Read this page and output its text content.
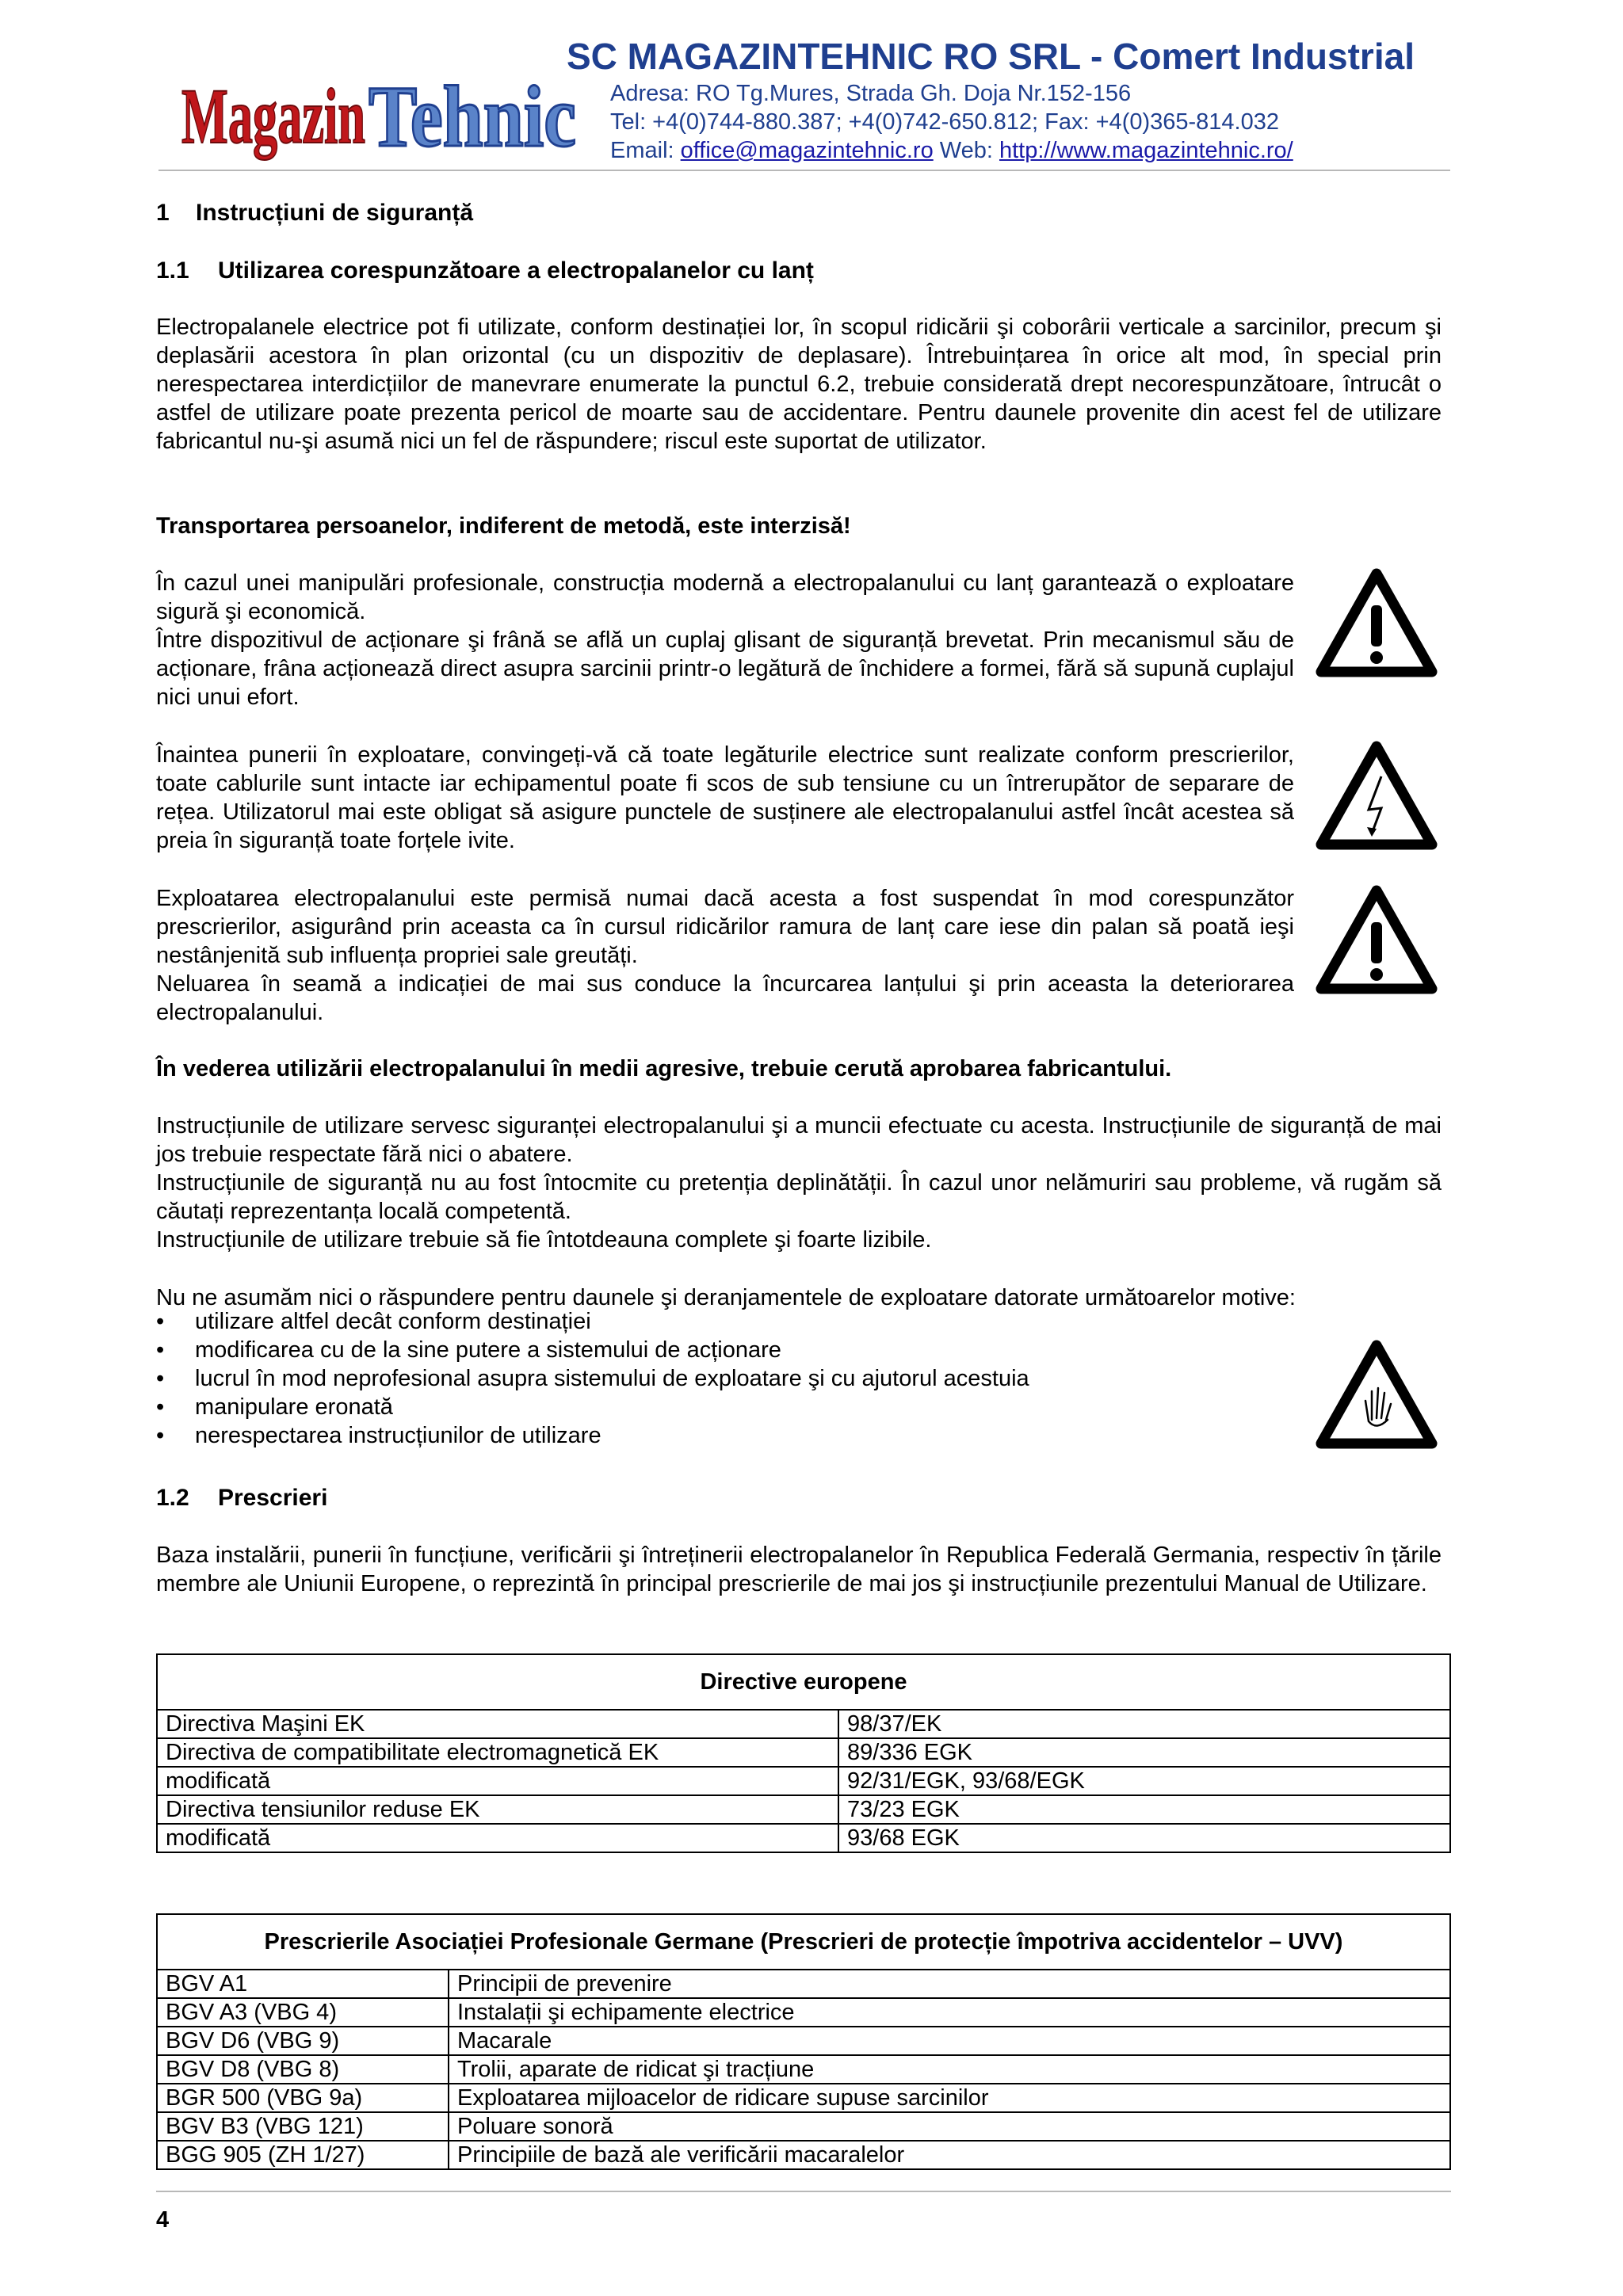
Magazin Tehnic
SC MAGAZINTEHNIC RO SRL - Comert Industrial
Adresa: RO Tg.Mures, Strada Gh. Doja Nr.152-156
Tel: +4(0)744-880.387; +4(0)742-650.812; Fax: +4(0)365-814.032
Email: office@magazintehnic.ro Web: http://www.magazintehnic.ro/
1 Instrucțiuni de siguranță
1.1 Utilizarea corespunzătoare a electropalanelor cu lanț

Electropalanele electrice pot fi utilizate, conform destinației lor, în scopul ridicării şi coborârii verticale a sarcinilor, precum şi deplasării acestora în plan orizontal (cu un dispozitiv de deplasare). Întrebuințarea în orice alt mod, în special prin nerespectarea interdicțiilor de manevrare enumerate la punctul 6.2, trebuie considerată drept necorespunzătoare, întrucât o astfel de utilizare poate prezenta pericol de moarte sau de accidentare. Pentru daunele provenite din acest fel de utilizare fabricantul nu-şi asumă nici un fel de răspundere; riscul este suportat de utilizator.

Transportarea persoanelor, indiferent de metodă, este interzisă!

În cazul unei manipulări profesionale, construcția modernă a electropalanului cu lanț garantează o exploatare sigură şi economică.

Între dispozitivul de acționare şi frână se află un cuplaj glisant de siguranță brevetat. Prin mecanismul său de acționare, frâna acționează direct asupra sarcinii printr-o legătură de închidere a formei, fără să supună cuplajul nici unui efort.

Înaintea punerii în exploatare, convingeți-vă că toate legăturile electrice sunt realizate conform prescrierilor, toate cablurile sunt intacte iar echipamentul poate fi scos de sub tensiune cu un întrerupător de separare de rețea. Utilizatorul mai este obligat să asigure punctele de susținere ale electropalanului astfel încât acestea să preia în siguranță toate forțele ivite.

Exploatarea electropalanului este permisă numai dacă acesta a fost suspendat în mod corespunzător prescrierilor, asigurând prin aceasta ca în cursul ridicărilor ramura de lanț care iese din palan să poată ieşi nestânjenită sub influența propriei sale greutăți.

Neluarea în seamă a indicației de mai sus conduce la încurcarea lanțului şi prin aceasta la deteriorarea electropalanului.

În vederea utilizării electropalanului în medii agresive, trebuie cerută aprobarea fabricantului.

Instrucțiunile de utilizare servesc siguranței electropalanului şi a muncii efectuate cu acesta. Instrucțiunile de siguranță de mai jos trebuie respectate fără nici o abatere.

Instrucțiunile de siguranță nu au fost întocmite cu pretenția deplinătății. În cazul unor nelămuriri sau probleme, vă rugăm să căutați reprezentanța locală competentă.

Instrucțiunile de utilizare trebuie să fie întotdeauna complete şi foarte lizibile.

Nu ne asumăm nici o răspundere pentru daunele şi deranjamentele de exploatare datorate următoarelor motive:

• utilizare altfel decât conform destinației
• modificarea cu de la sine putere a sistemului de acționare
• lucrul în mod neprofesional asupra sistemului de exploatare şi cu ajutorul acestuia
• manipulare eronată
• nerespectarea instrucțiunilor de utilizare
1.2 Prescrieri

Baza instalării, punerii în funcțiune, verificării şi întreținerii electropalanelor în Republica Federală Germania, respectiv în țările membre ale Uniunii Europene, o reprezintă în principal prescrierile de mai jos şi instrucțiunile prezentului Manual de Utilizare.

Directive europene	
Directiva Maşini EK	98/37/EK
Directiva de compatibilitate electromagnetică EK	89/336 EGK
modificată	92/31/EGK, 93/68/EGK
Directiva tensiunilor reduse EK	73/23 EGK
modificată	93/68 EGK
Prescrierile Asociației Profesionale Germane (Prescrieri de protecție împotriva accidentelor – UVV)	
BGV A1	Principii de prevenire
BGV A3 (VBG 4)	Instalații şi echipamente electrice
BGV D6 (VBG 9)	Macarale
BGV D8 (VBG 8)	Trolii, aparate de ridicat şi tracțiune
BGR 500 (VBG 9a)	Exploatarea mijloacelor de ridicare supuse sarcinilor
BGV B3 (VBG 121)	Poluare sonoră
BGG 905 (ZH 1/27)	Principiile de bază ale verificării macaralelor
4
